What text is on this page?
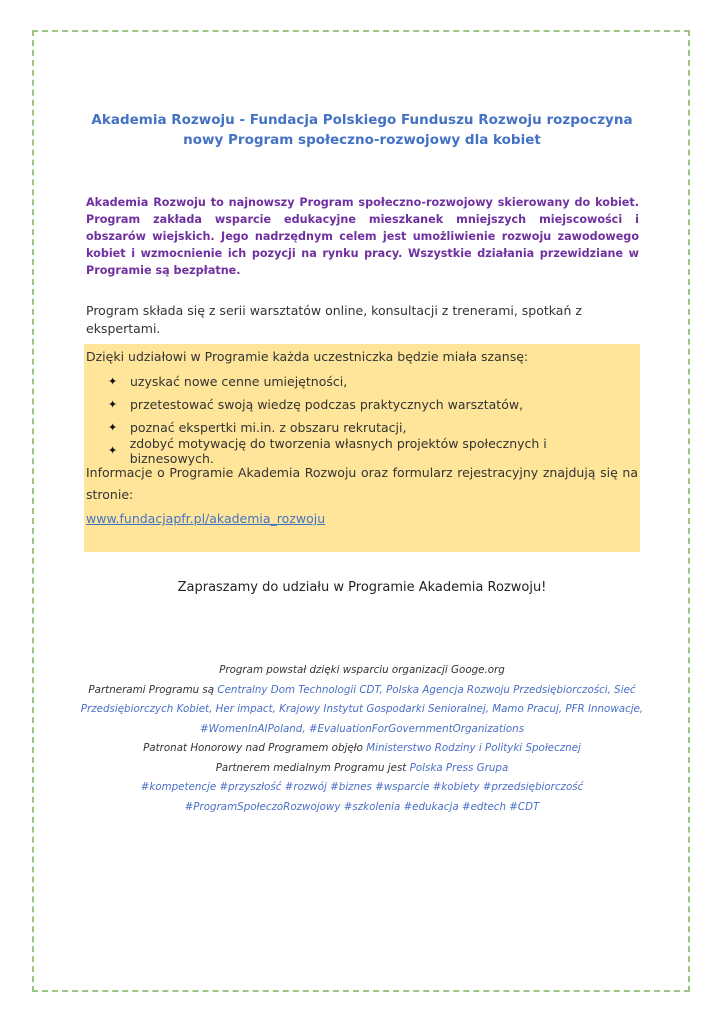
Akademia Rozwoju - Fundacja Polskiego Funduszu Rozwoju rozpoczyna
nowy Program społeczno-rozwojowy dla kobiet
Akademia Rozwoju to najnowszy Program społeczno-rozwojowy skierowany do kobiet. Program zakłada wsparcie edukacyjne mieszkanek mniejszych miejscowości i obszarów wiejskich. Jego nadrzędnym celem jest umożliwienie rozwoju zawodowego kobiet i wzmocnienie ich pozycji na rynku pracy. Wszystkie działania przewidziane w Programie są bezpłatne.
Program składa się z serii warsztatów online, konsultacji z trenerami, spotkań z ekspertami.
Dzięki udziałowi w Programie każda uczestniczka będzie miała szansę:
✦	uzyskać nowe cenne umiejętności,
✦	przetestować swoją wiedzę podczas praktycznych warsztatów,
✦	poznać ekspertki mi.in. z obszaru rekrutacji,
✦
zdobyć motywację do tworzenia własnych projektów społecznych i biznesowych.
Informacje o Programie Akademia Rozwoju oraz formularz rejestracyjny znajdują się na stronie:
www.fundacjapfr.pl/akademia_rozwoju
Zapraszamy do udziału w Programie Akademia Rozwoju!
Program powstał dzięki wsparciu organizacji Googe.org
Partnerami Programu są Centralny Dom Technologii CDT, Polska Agencja Rozwoju Przedsiębiorczości, Sieć Przedsiębiorczych Kobiet, Her impact, Krajowy Instytut Gospodarki Senioralnej, Mamo Pracuj, PFR Innowacje, #WomenInAIPoland, #EvaluationForGovernmentOrganizations
Patronat Honorowy nad Programem objęło Ministerstwo Rodziny i Polityki Społecznej
Partnerem medialnym Programu jest Polska Press Grupa
#kompetencje #przyszłość #rozwój #biznes #wsparcie #kobiety #przedsiębiorczość #ProgramSpołeczoRozwojowy #szkolenia #edukacja #edtech #CDT
